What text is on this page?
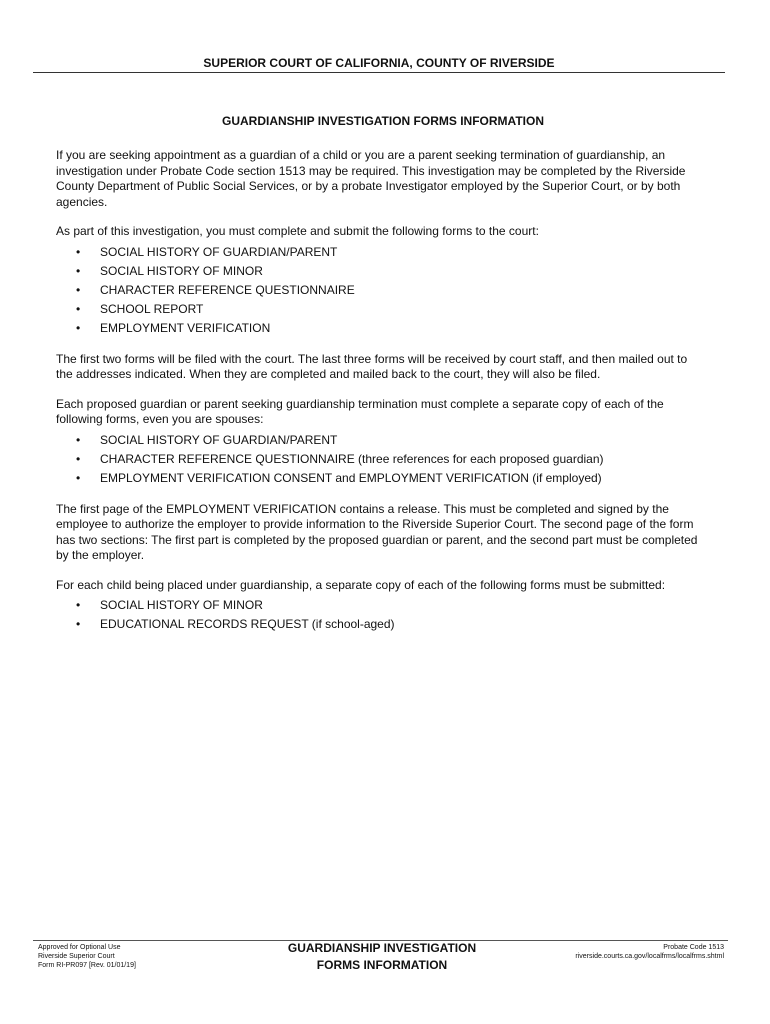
SUPERIOR COURT OF CALIFORNIA, COUNTY OF RIVERSIDE
GUARDIANSHIP INVESTIGATION FORMS INFORMATION

If you are seeking appointment as a guardian of a child or you are a parent seeking termination of guardianship, an investigation under Probate Code section 1513 may be required. This investigation may be completed by the Riverside County Department of Public Social Services, or by a probate Investigator employed by the Superior Court, or by both agencies.

As part of this investigation, you must complete and submit the following forms to the court:

• SOCIAL HISTORY OF GUARDIAN/PARENT
• SOCIAL HISTORY OF MINOR
• CHARACTER REFERENCE QUESTIONNAIRE
• SCHOOL REPORT
• EMPLOYMENT VERIFICATION

The first two forms will be filed with the court. The last three forms will be received by court staff, and then mailed out to the addresses indicated. When they are completed and mailed back to the court, they will also be filed.

Each proposed guardian or parent seeking guardianship termination must complete a separate copy of each of the following forms, even you are spouses:

• SOCIAL HISTORY OF GUARDIAN/PARENT
• CHARACTER REFERENCE QUESTIONNAIRE (three references for each proposed guardian)
• EMPLOYMENT VERIFICATION CONSENT and EMPLOYMENT VERIFICATION (if employed)

The first page of the EMPLOYMENT VERIFICATION contains a release. This must be completed and signed by the employee to authorize the employer to provide information to the Riverside Superior Court. The second page of the form has two sections: The first part is completed by the proposed guardian or parent, and the second part must be completed by the employer.

For each child being placed under guardianship, a separate copy of each of the following forms must be submitted:

• SOCIAL HISTORY OF MINOR
• EDUCATIONAL RECORDS REQUEST (if school-aged)
Approved for Optional Use
Riverside Superior Court
Form RI-PR097 [Rev. 01/01/19]
GUARDIANSHIP INVESTIGATION
FORMS INFORMATION
Probate Code 1513
riverside.courts.ca.gov/localfrms/localfrms.shtml
